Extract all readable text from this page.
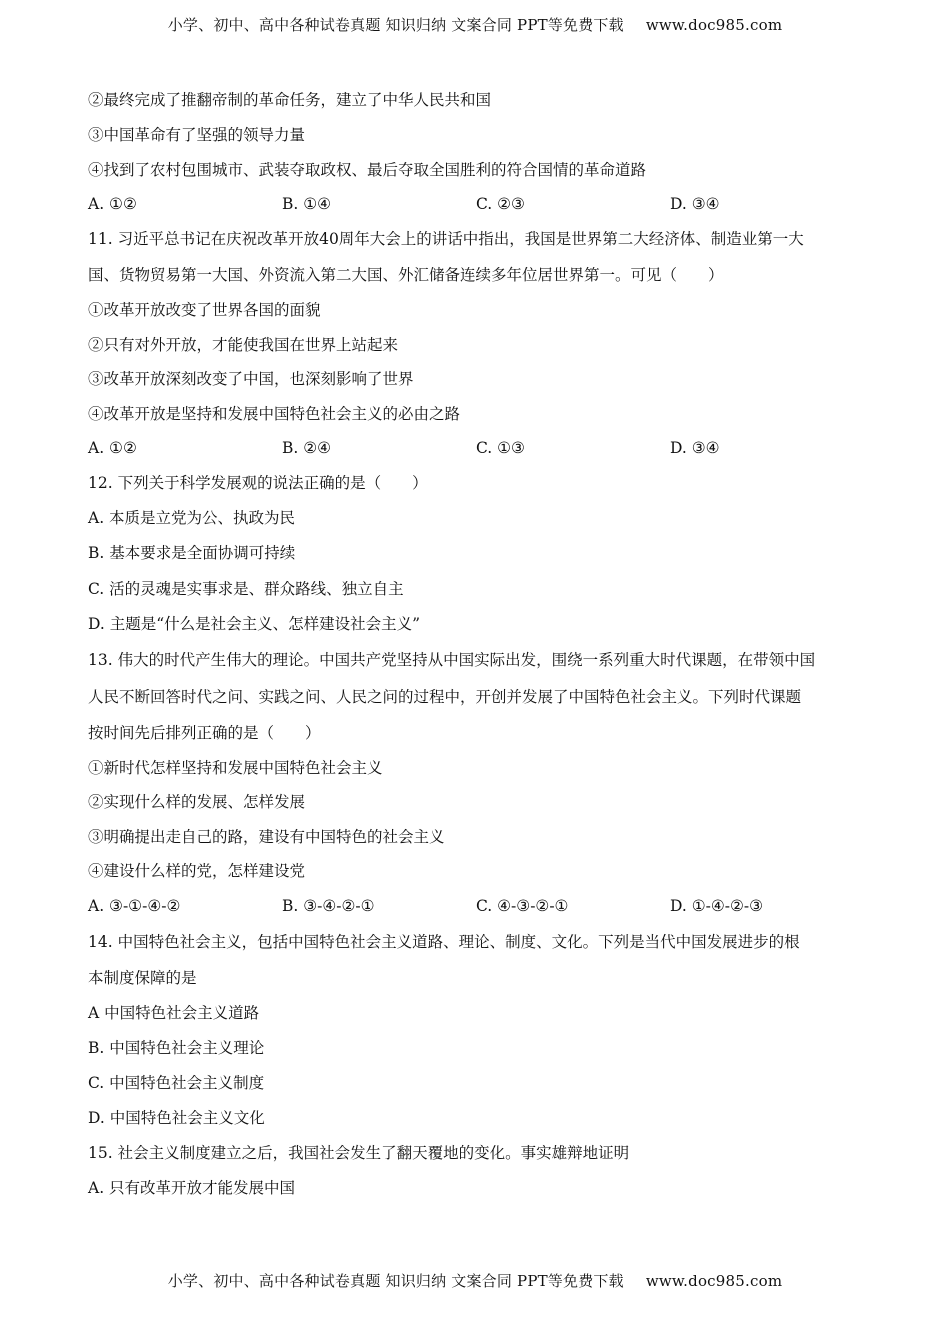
小学、初中、高中各种试卷真题 知识归纳 文案合同 PPT等免费下载 www.doc985.com
②最终完成了推翻帝制的革命任务，建立了中华人民共和国
③中国革命有了坚强的领导力量
④找到了农村包围城市、武装夺取政权、最后夺取全国胜利的符合国情的革命道路
A. ①②	B. ①④	C. ②③	D. ③④
11. 习近平总书记在庆祝改革开放40周年大会上的讲话中指出，我国是世界第二大经济体、制造业第一大
国、货物贸易第一大国、外资流入第二大国、外汇储备连续多年位居世界第一。可见（　　）
①改革开放改变了世界各国的面貌
②只有对外开放，才能使我国在世界上站起来
③改革开放深刻改变了中国，也深刻影响了世界
④改革开放是坚持和发展中国特色社会主义的必由之路
A. ①②	B. ②④	C. ①③	D. ③④
12. 下列关于科学发展观的说法正确的是（　　）
A. 本质是立党为公、执政为民
B. 基本要求是全面协调可持续
C. 活的灵魂是实事求是、群众路线、独立自主
D. 主题是“什么是社会主义、怎样建设社会主义”
13. 伟大的时代产生伟大的理论。中国共产党坚持从中国实际出发，围绕一系列重大时代课题，在带领中国
人民不断回答时代之问、实践之问、人民之问的过程中，开创并发展了中国特色社会主义。下列时代课题
按时间先后排列正确的是（　　）
①新时代怎样坚持和发展中国特色社会主义
②实现什么样的发展、怎样发展
③明确提出走自己的路，建设有中国特色的社会主义
④建设什么样的党，怎样建设党
A. ③-①-④-②	B. ③-④-②-①	C. ④-③-②-①	D. ①-④-②-③
14. 中国特色社会主义，包括中国特色社会主义道路、理论、制度、文化。下列是当代中国发展进步的根
本制度保障的是
A 中国特色社会主义道路
B. 中国特色社会主义理论
C. 中国特色社会主义制度
D. 中国特色社会主义文化
15. 社会主义制度建立之后，我国社会发生了翻天覆地的变化。事实雄辩地证明
A. 只有改革开放才能发展中国
小学、初中、高中各种试卷真题 知识归纳 文案合同 PPT等免费下载 www.doc985.com
